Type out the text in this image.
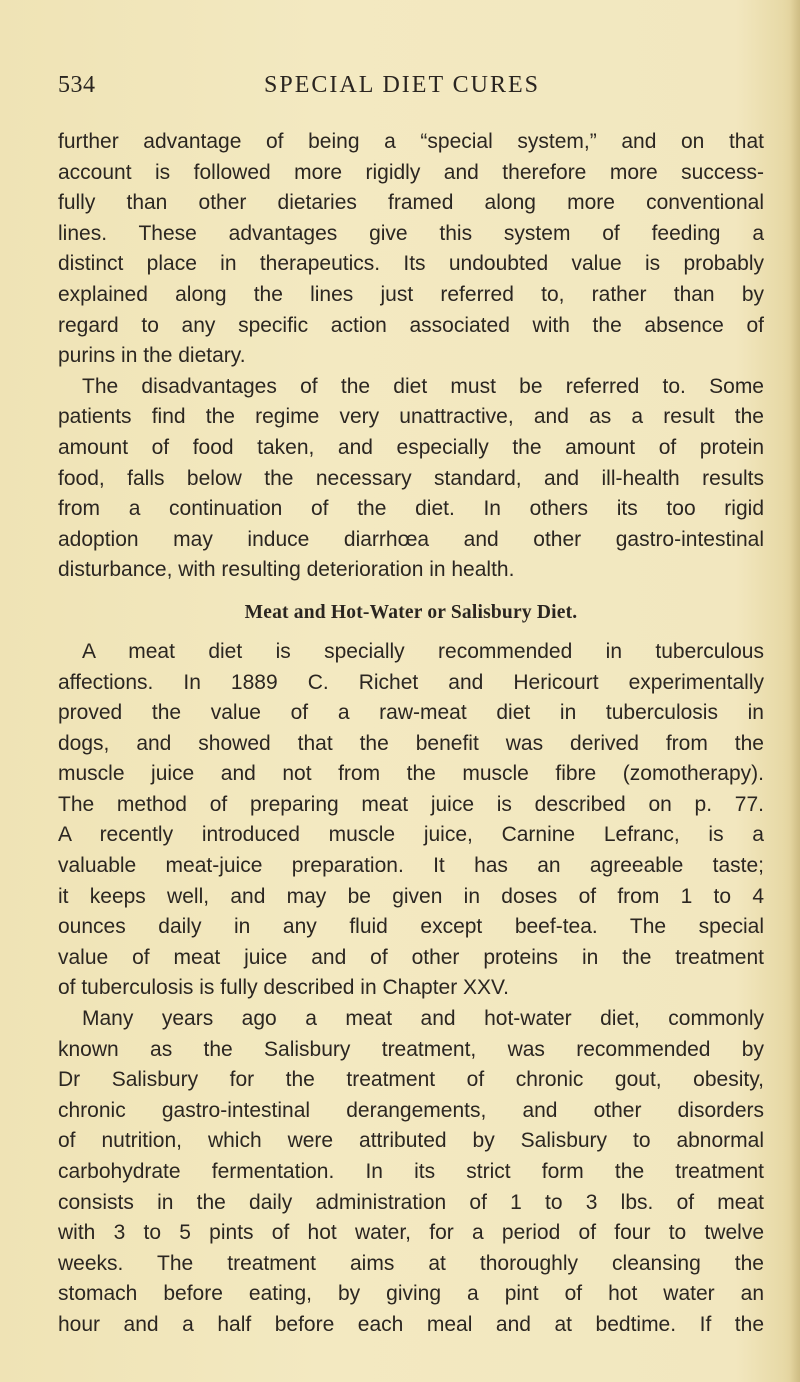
534	SPECIAL DIET CURES
further advantage of being a “special system,” and on that
account is followed more rigidly and therefore more success-
fully than other dietaries framed along more conventional
lines. These advantages give this system of feeding a
distinct place in therapeutics. Its undoubted value is probably
explained along the lines just referred to, rather than by
regard to any specific action associated with the absence of
purins in the dietary.
The disadvantages of the diet must be referred to. Some
patients find the regime very unattractive, and as a result the
amount of food taken, and especially the amount of protein
food, falls below the necessary standard, and ill-health results
from a continuation of the diet. In others its too rigid
adoption may induce diarrhœa and other gastro-intestinal
disturbance, with resulting deterioration in health.
Meat and Hot-Water or Salisbury Diet.
A meat diet is specially recommended in tuberculous
affections. In 1889 C. Richet and Hericourt experimentally
proved the value of a raw-meat diet in tuberculosis in
dogs, and showed that the benefit was derived from the
muscle juice and not from the muscle fibre (zomotherapy).
The method of preparing meat juice is described on p. 77.
A recently introduced muscle juice, Carnine Lefranc, is a
valuable meat-juice preparation. It has an agreeable taste;
it keeps well, and may be given in doses of from 1 to 4
ounces daily in any fluid except beef-tea. The special
value of meat juice and of other proteins in the treatment
of tuberculosis is fully described in Chapter XXV.
Many years ago a meat and hot-water diet, commonly
known as the Salisbury treatment, was recommended by
Dr Salisbury for the treatment of chronic gout, obesity,
chronic gastro-intestinal derangements, and other disorders
of nutrition, which were attributed by Salisbury to abnormal
carbohydrate fermentation. In its strict form the treatment
consists in the daily administration of 1 to 3 lbs. of meat
with 3 to 5 pints of hot water, for a period of four to twelve
weeks. The treatment aims at thoroughly cleansing the
stomach before eating, by giving a pint of hot water an
hour and a half before each meal and at bedtime. If the
